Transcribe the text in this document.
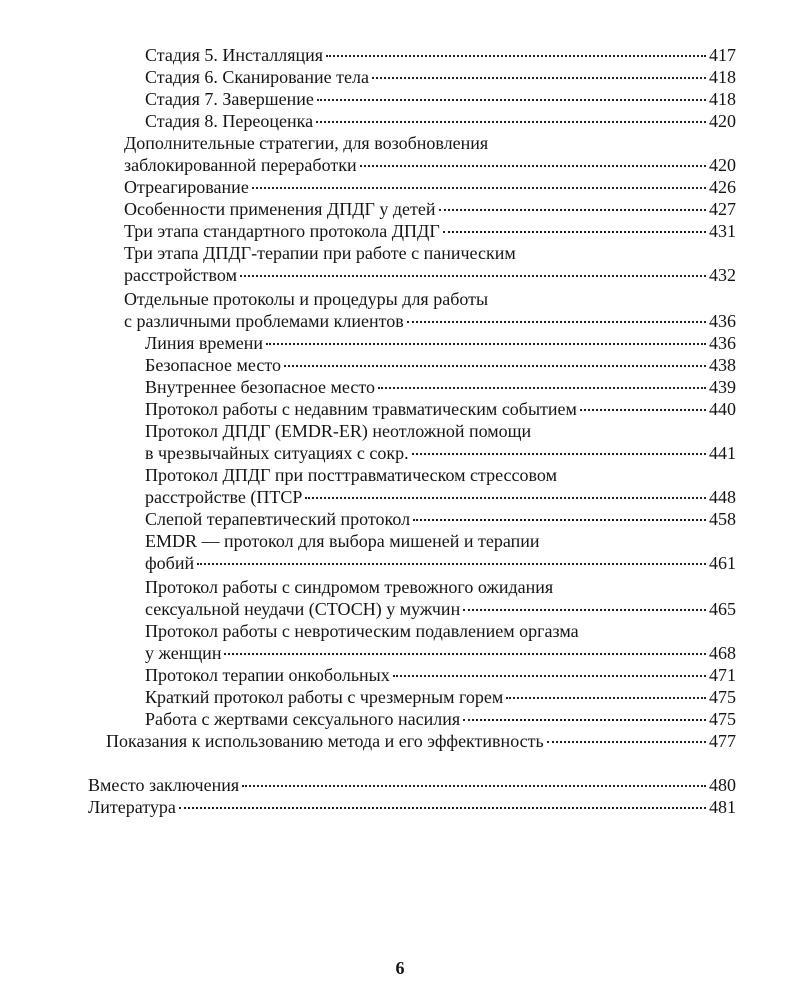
Стадия 5. Инсталляция	417
Стадия 6. Сканирование тела	418
Стадия 7. Завершение	418
Стадия 8. Переоценка	420
Дополнительные стратегии, для возобновления
заблокированной переработки	420
Отреагирование	426
Особенности применения ДПДГ у детей	427
Три этапа стандартного протокола ДПДГ	431
Три этапа ДПДГ-терапии при работе с паническим
расстройством	432
Отдельные протоколы и процедуры для работы
с различными проблемами клиентов	436
Линия времени	436
Безопасное место	438
Внутреннее безопасное место	439
Протокол работы с недавним травматическим событием	440
Протокол ДПДГ (EMDR-ER) неотложной помощи
в чрезвычайных ситуациях с сокр.	441
Протокол ДПДГ при посттравматическом стрессовом
расстройстве (ПТСР	448
Слепой терапевтический протокол	458
EMDR — протокол для выбора мишеней и терапии
фобий	461
Протокол работы с синдромом тревожного ожидания
сексуальной неудачи (СТОСН) у мужчин	465
Протокол работы с невротическим подавлением оргазма
у женщин	468
Протокол терапии онкобольных	471
Краткий протокол работы с чрезмерным горем	475
Работа с жертвами сексуального насилия	475
Показания к использованию метода и его эффективность	477
Вместо заключения	480
Литература	481
6
